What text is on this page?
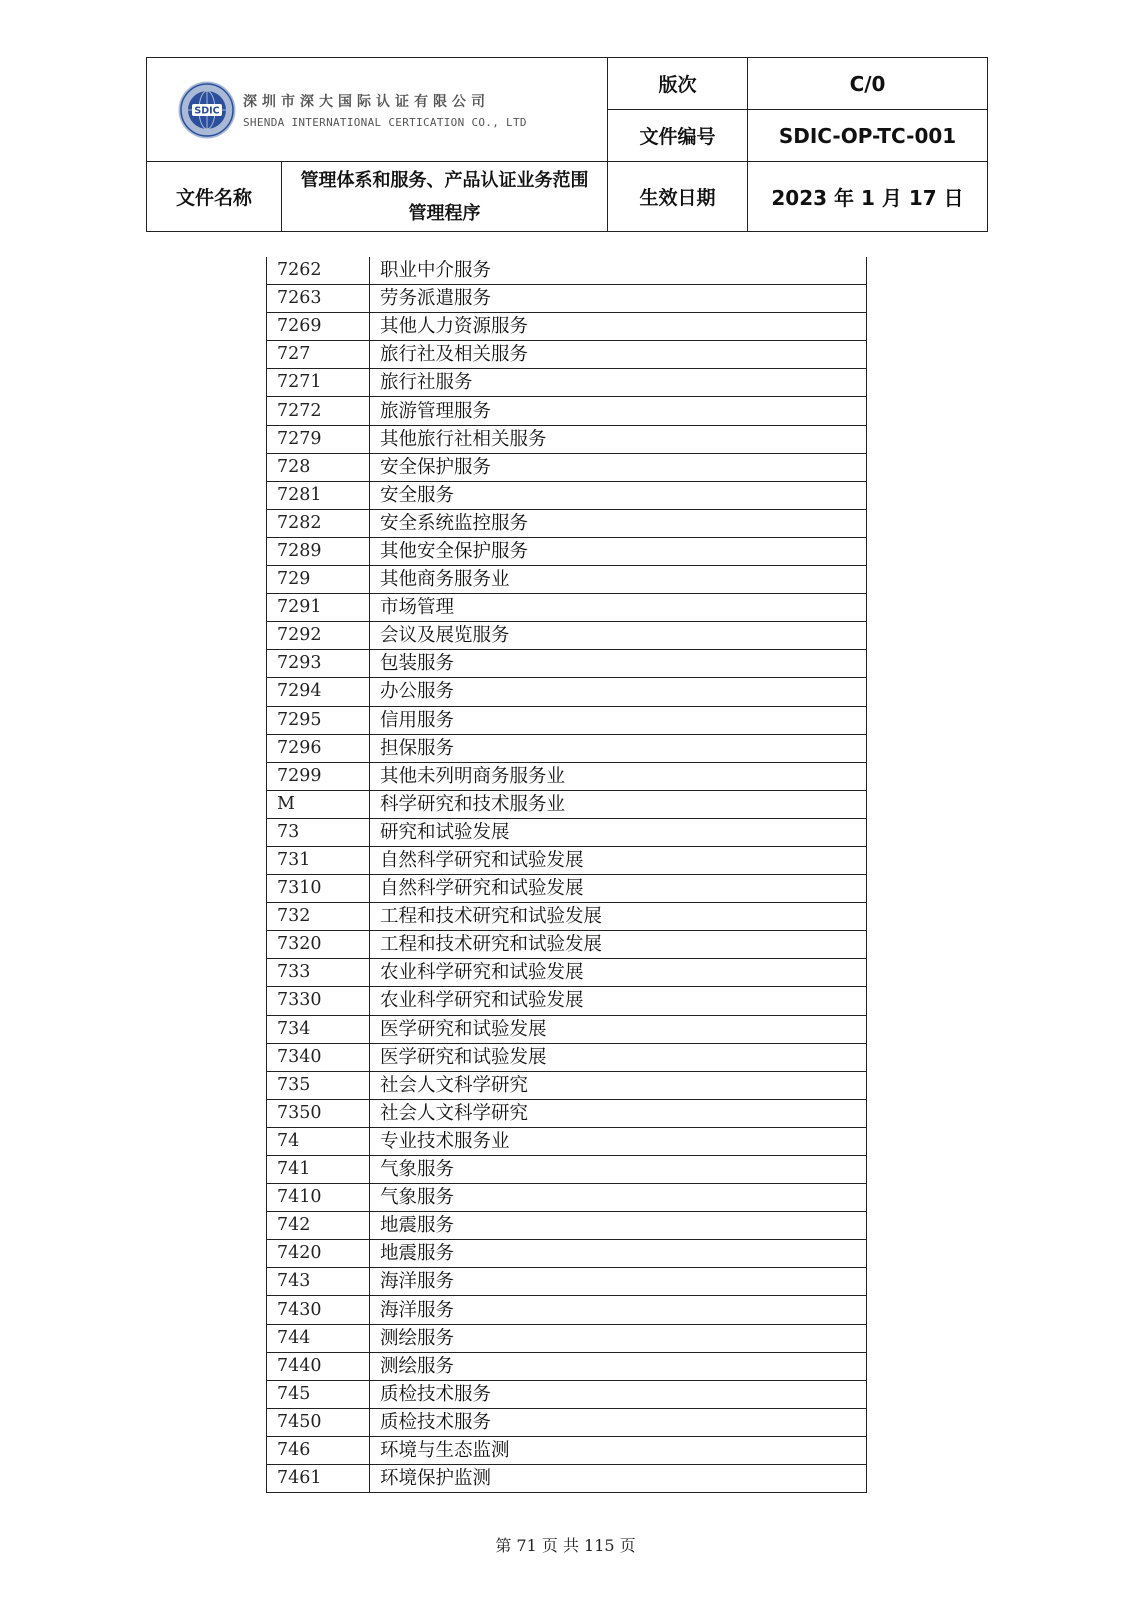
SDIC
深圳市深大国际认证有限公司
SHENDA INTERNATIONAL CERTICATION CO., LTD		版次	C/0
		文件编号	SDIC-OP-TC-001
文件名称	管理体系和服务、产品认证业务范围管理程序	生效日期	2023 年 1 月 17 日
7262	职业中介服务
7263	劳务派遣服务
7269	其他人力资源服务
727	旅行社及相关服务
7271	旅行社服务
7272	旅游管理服务
7279	其他旅行社相关服务
728	安全保护服务
7281	安全服务
7282	安全系统监控服务
7289	其他安全保护服务
729	其他商务服务业
7291	市场管理
7292	会议及展览服务
7293	包装服务
7294	办公服务
7295	信用服务
7296	担保服务
7299	其他未列明商务服务业
M	科学研究和技术服务业
73	研究和试验发展
731	自然科学研究和试验发展
7310	自然科学研究和试验发展
732	工程和技术研究和试验发展
7320	工程和技术研究和试验发展
733	农业科学研究和试验发展
7330	农业科学研究和试验发展
734	医学研究和试验发展
7340	医学研究和试验发展
735	社会人文科学研究
7350	社会人文科学研究
74	专业技术服务业
741	气象服务
7410	气象服务
742	地震服务
7420	地震服务
743	海洋服务
7430	海洋服务
744	测绘服务
7440	测绘服务
745	质检技术服务
7450	质检技术服务
746	环境与生态监测
7461	环境保护监测
第 71 页 共 115 页
